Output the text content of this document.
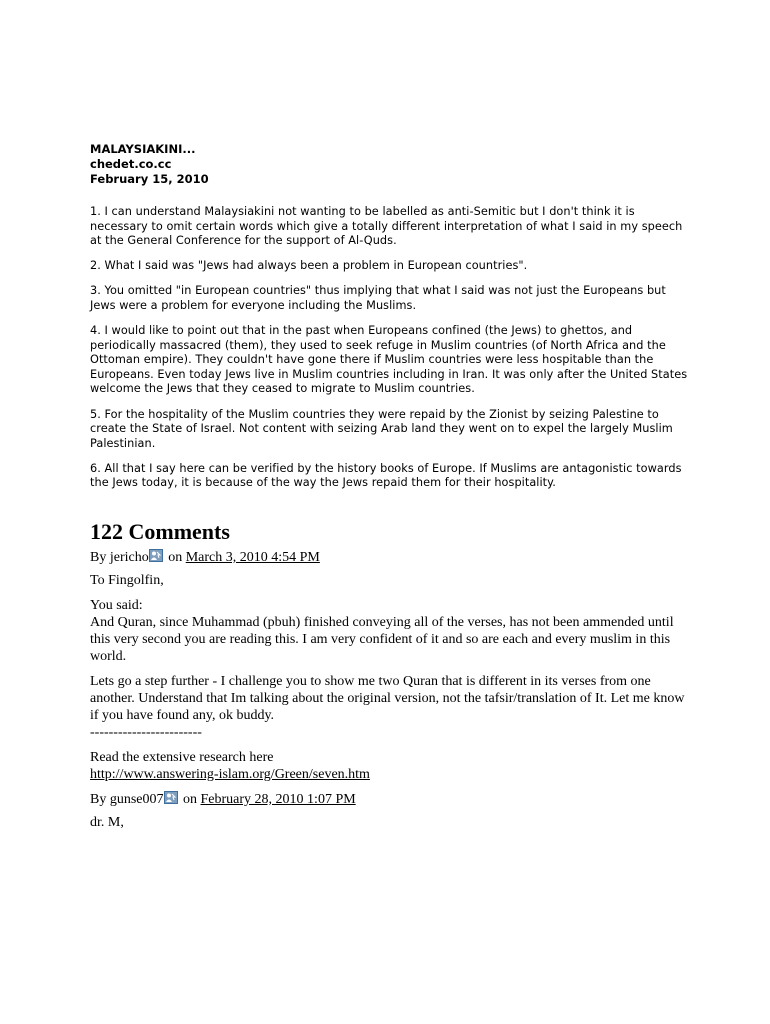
MALAYSIAKINI...
chedet.co.cc
February 15, 2010

1. I can understand Malaysiakini not wanting to be labelled as anti-Semitic but I don't think it is necessary to omit certain words which give a totally different interpretation of what I said in my speech at the General Conference for the support of Al-Quds.

2. What I said was "Jews had always been a problem in European countries".

3. You omitted "in European countries" thus implying that what I said was not just the Europeans but Jews were a problem for everyone including the Muslims.

4. I would like to point out that in the past when Europeans confined (the Jews) to ghettos, and periodically massacred (them), they used to seek refuge in Muslim countries (of North Africa and the Ottoman empire). They couldn't have gone there if Muslim countries were less hospitable than the Europeans. Even today Jews live in Muslim countries including in Iran. It was only after the United States welcome the Jews that they ceased to migrate to Muslim countries.

5. For the hospitality of the Muslim countries they were repaid by the Zionist by seizing Palestine to create the State of Israel. Not content with seizing Arab land they went on to expel the largely Muslim Palestinian.

6. All that I say here can be verified by the history books of Europe. If Muslims are antagonistic towards the Jews today, it is because of the way the Jews repaid them for their hospitality.

122 Comments
By jericho
on March 3, 2010 4:54 PM
To Fingolfin,
You said:
And Quran, since Muhammad (pbuh) finished conveying all of the verses, has not been ammended until this very second you are reading this. I am very confident of it and so are each and every muslim in this world.
Lets go a step further - I challenge you to show me two Quran that is different in its verses from one another. Understand that Im talking about the original version, not the tafsir/translation of It. Let me know if you have found any, ok buddy.
------------------------
Read the extensive research here
http://www.answering-islam.org/Green/seven.htm
By gunse007
on February 28, 2010 1:07 PM
dr. M,
